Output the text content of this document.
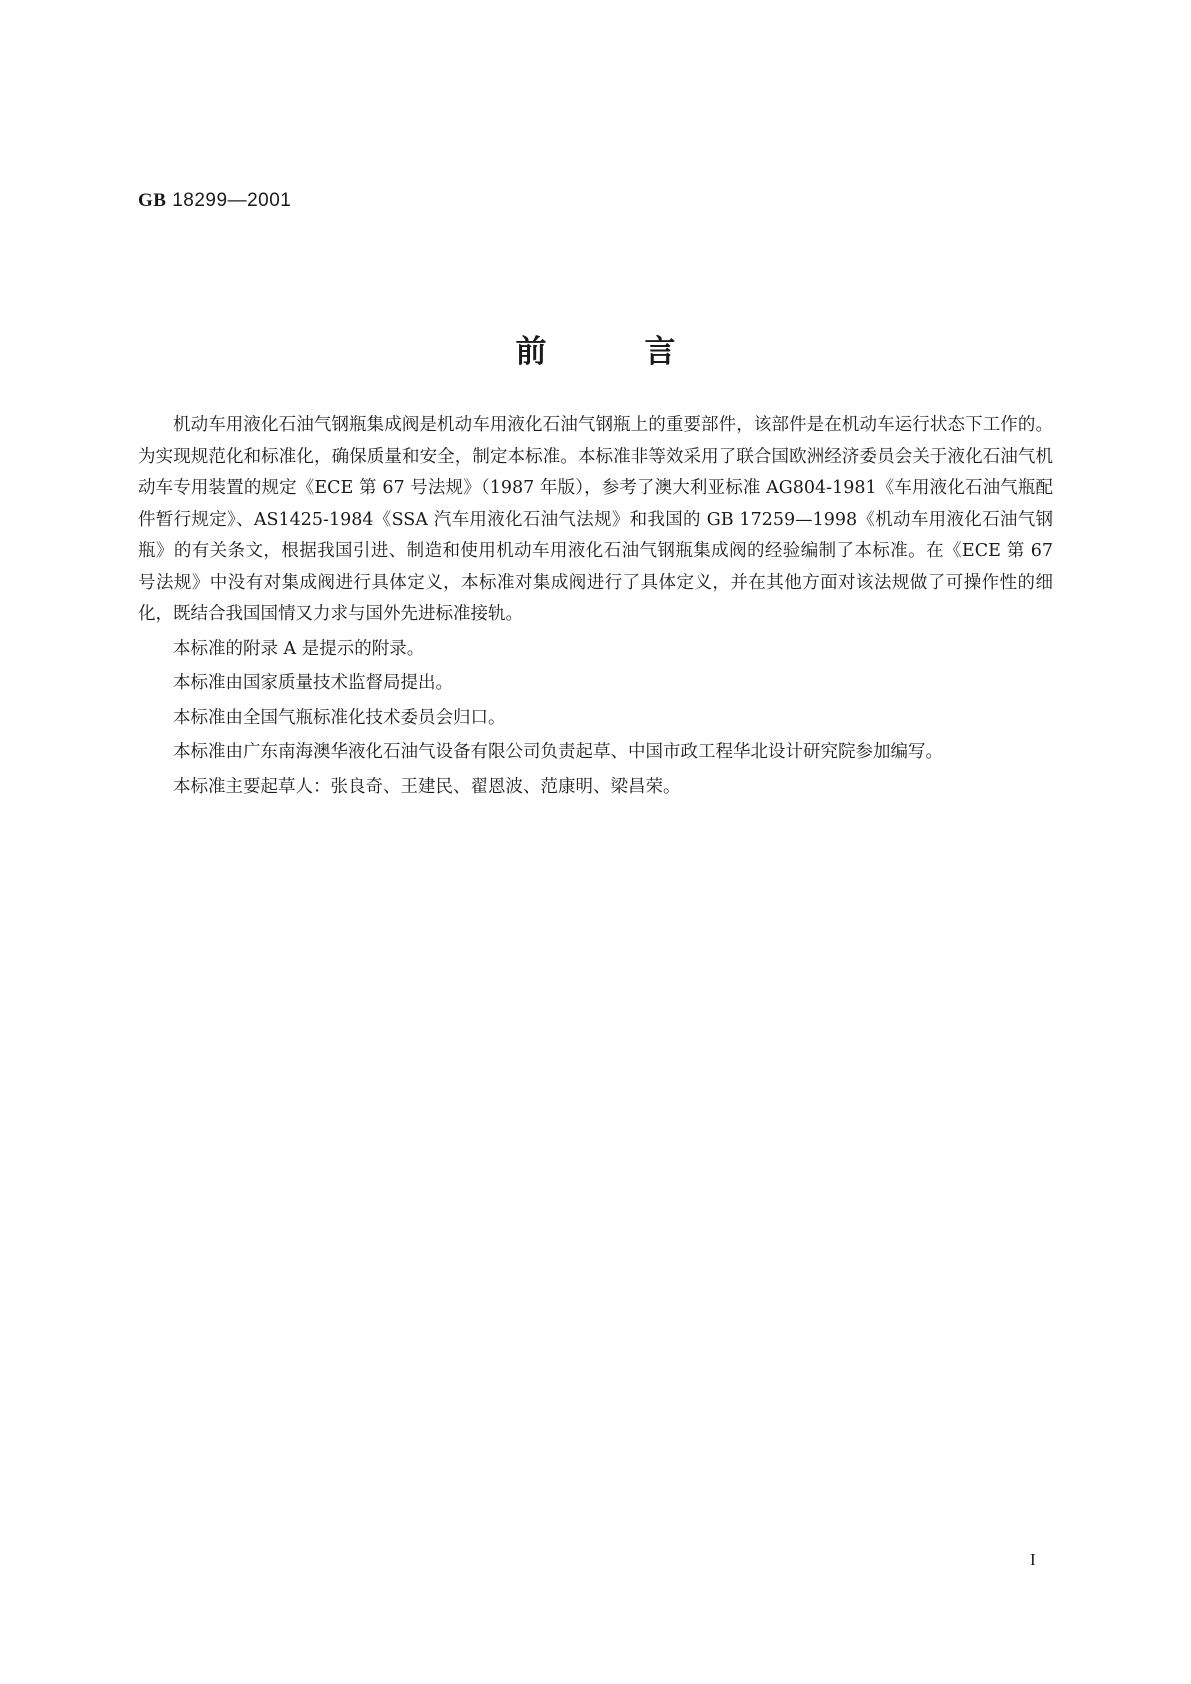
GB 18299—2001
前言

机动车用液化石油气钢瓶集成阀是机动车用液化石油气钢瓶上的重要部件，该部件是在机动车运行状态下工作的。为实现规范化和标准化，确保质量和安全，制定本标准。本标准非等效采用了联合国欧洲经济委员会关于液化石油气机动车专用装置的规定《ECE 第 67 号法规》（1987 年版），参考了澳大利亚标准 AG804-1981《车用液化石油气瓶配件暂行规定》、AS1425-1984《SSA 汽车用液化石油气法规》和我国的 GB 17259—1998《机动车用液化石油气钢瓶》的有关条文，根据我国引进、制造和使用机动车用液化石油气钢瓶集成阀的经验编制了本标准。在《ECE 第 67 号法规》中没有对集成阀进行具体定义，本标准对集成阀进行了具体定义，并在其他方面对该法规做了可操作性的细化，既结合我国国情又力求与国外先进标准接轨。

本标准的附录 A 是提示的附录。

本标准由国家质量技术监督局提出。

本标准由全国气瓶标准化技术委员会归口。

本标准由广东南海澳华液化石油气设备有限公司负责起草、中国市政工程华北设计研究院参加编写。

本标准主要起草人：张良奇、王建民、翟恩波、范康明、梁昌荣。

I
